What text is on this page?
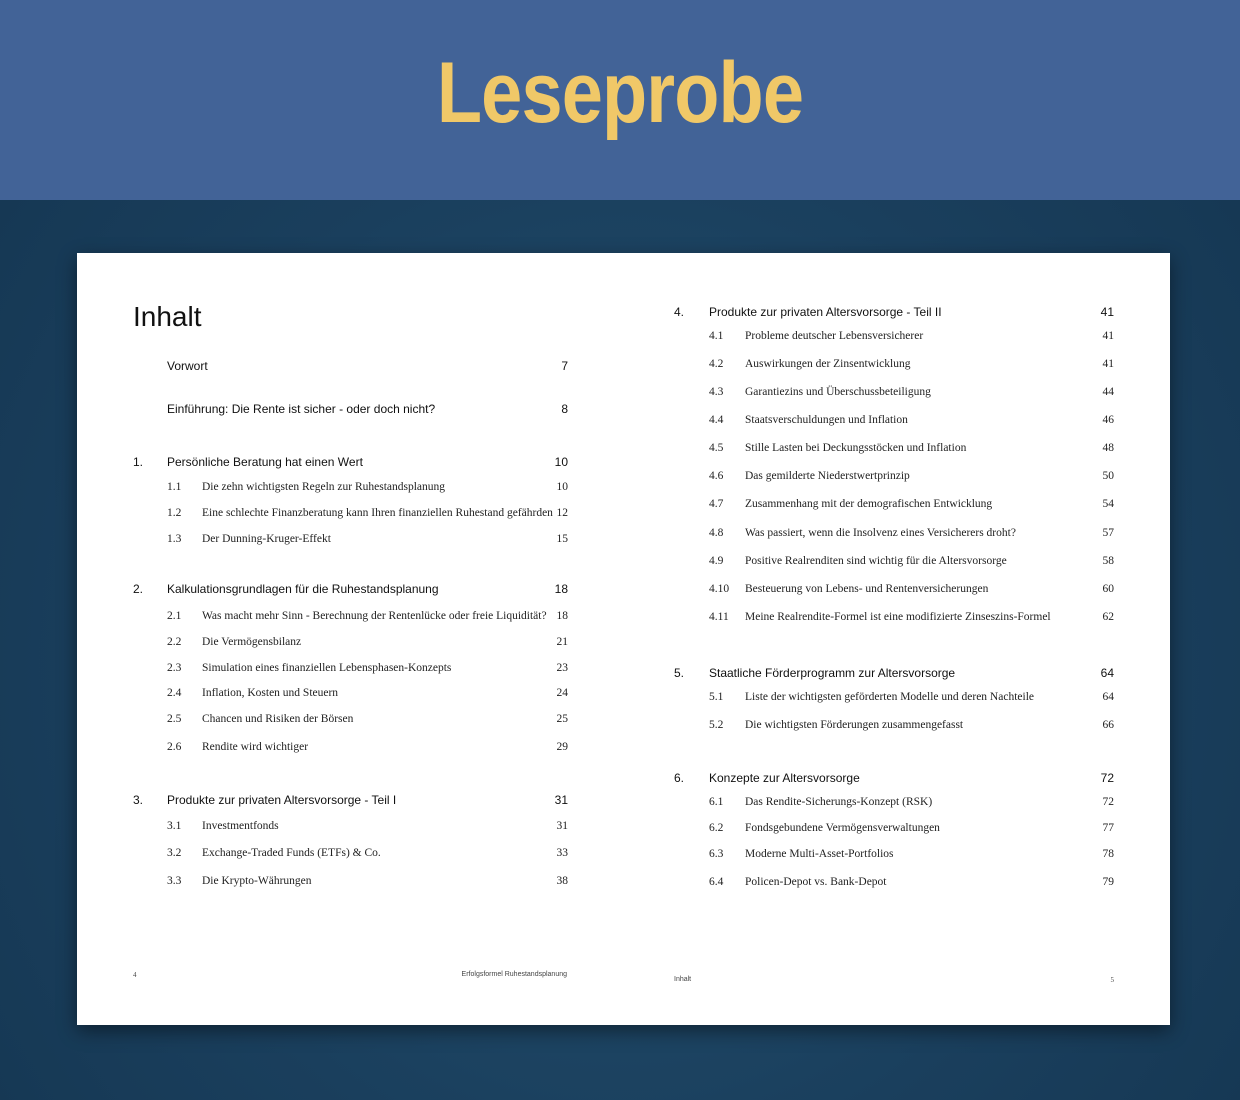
Leseprobe
Inhalt
4	Erfolgsformel Ruhestandsplanung
Vorwort	7
Einführung: Die Rente ist sicher - oder doch nicht?	8
1. Persönliche Beratung hat einen Wert	10
1.1 Die zehn wichtigsten Regeln zur Ruhestandsplanung	10
1.2 Eine schlechte Finanzberatung kann Ihren finanziellen Ruhestand gefährden 12
1.3 Der Dunning-Kruger-Effekt	15
2. Kalkulationsgrundlagen für die Ruhestandsplanung	18
2.1 Was macht mehr Sinn - Berechnung der Rentenlücke oder freie Liquidität? 18
2.2 Die Vermögensbilanz	21
2.3 Simulation eines finanziellen Lebensphasen-Konzepts	23
2.4 Inflation, Kosten und Steuern	24
2.5 Chancen und Risiken der Börsen	25
2.6 Rendite wird wichtiger	29
3. Produkte zur privaten Altersvorsorge - Teil I	31
3.1 Investmentfonds	31
3.2 Exchange-Traded Funds (ETFs) & Co.	33
3.3 Die Krypto-Währungen	38
Inhalt	5
4. Produkte zur privaten Altersvorsorge - Teil II	41
4.1 Probleme deutscher Lebensversicherer	41
4.2 Auswirkungen der Zinsentwicklung	41
4.3 Garantiezins und Überschussbeteiligung	44
4.4 Staatsverschuldungen und Inflation	46
4.5 Stille Lasten bei Deckungsstöcken und Inflation	48
4.6 Das gemilderte Niederstwertprinzip	50
4.7 Zusammenhang mit der demografischen Entwicklung	54
4.8 Was passiert, wenn die Insolvenz eines Versicherers droht?	57
4.9 Positive Realrenditen sind wichtig für die Altersvorsorge	58
4.10 Besteuerung von Lebens- und Rentenversicherungen	60
4.11 Meine Realrendite-Formel ist eine modifizierte Zinseszins-Formel	62
5. Staatliche Förderprogramm zur Altersvorsorge	64
5.1 Liste der wichtigsten geförderten Modelle und deren Nachteile	64
5.2 Die wichtigsten Förderungen zusammengefasst	66
6. Konzepte zur Altersvorsorge	72
6.1 Das Rendite-Sicherungs-Konzept (RSK)	72
6.2 Fondsgebundene Vermögensverwaltungen	77
6.3 Moderne Multi-Asset-Portfolios	78
6.4 Policen-Depot vs. Bank-Depot	79
